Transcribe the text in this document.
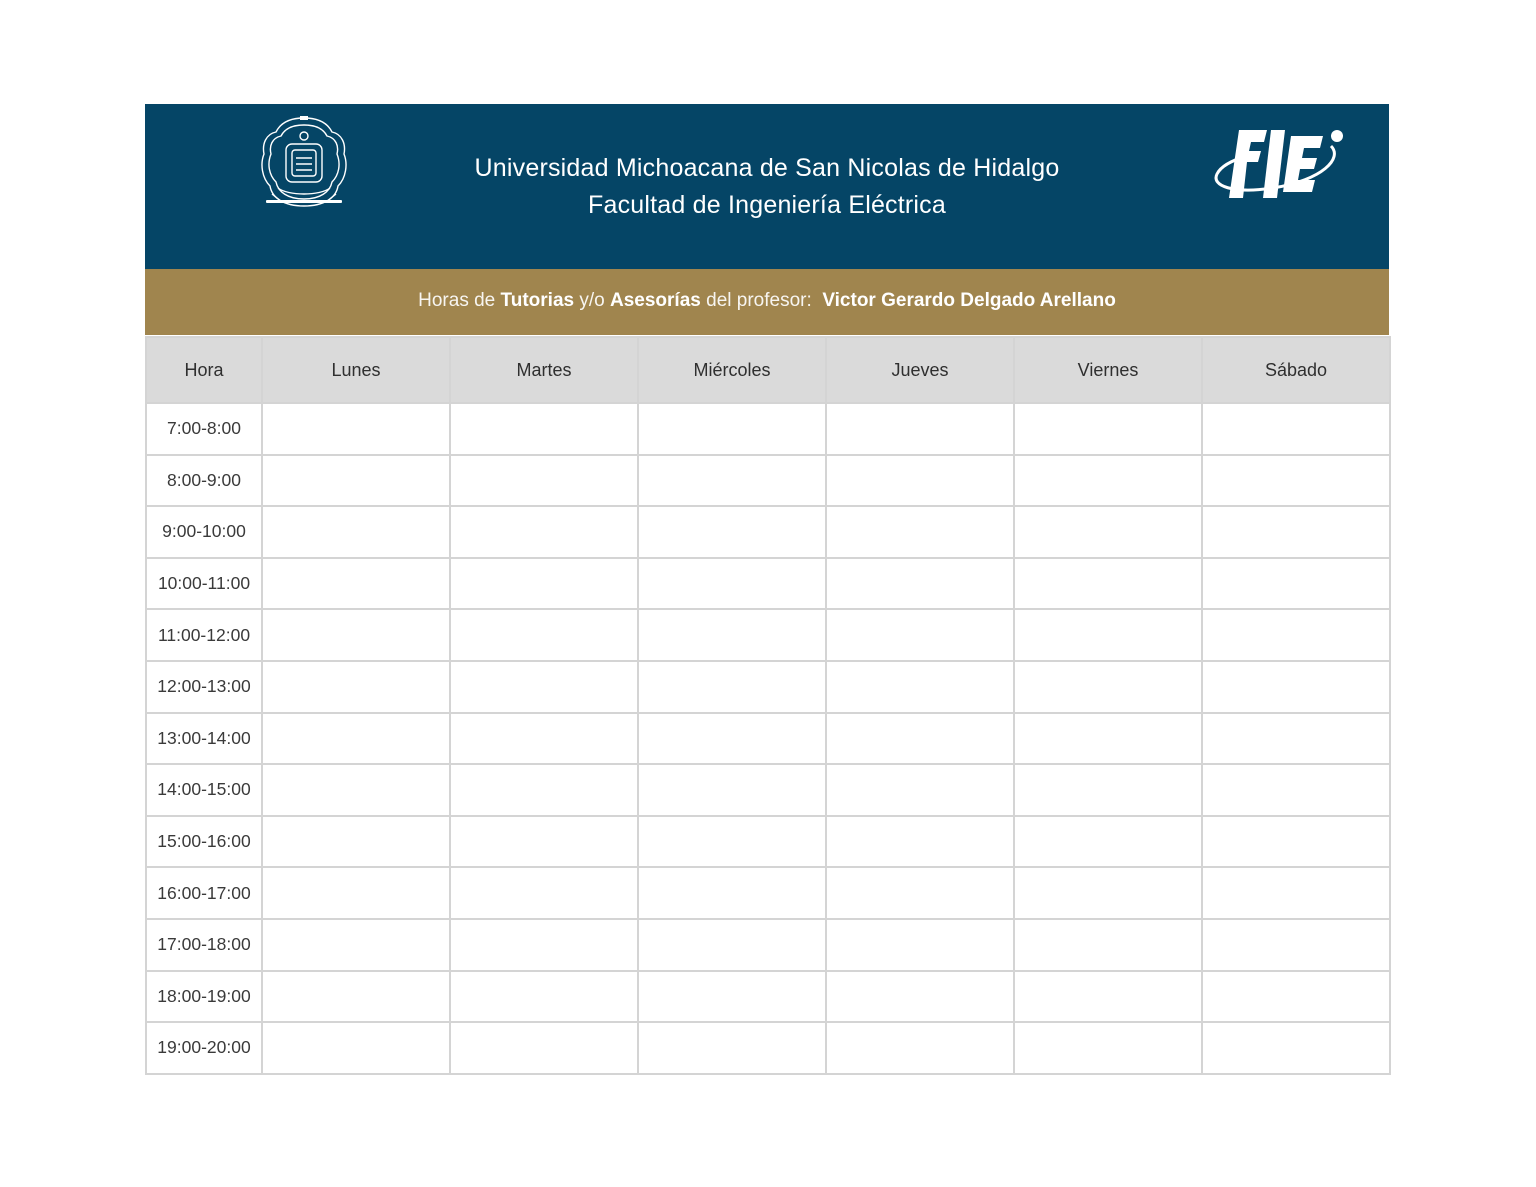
Universidad Michoacana de San Nicolas de Hidalgo
Facultad de Ingeniería Eléctrica
Horas de Tutorias y/o Asesorías del profesor: Victor Gerardo Delgado Arellano
Hora	Lunes	Martes	Miércoles	Jueves	Viernes	Sábado
7:00-8:00						
8:00-9:00						
9:00-10:00						
10:00-11:00						
11:00-12:00						
12:00-13:00						
13:00-14:00						
14:00-15:00						
15:00-16:00						
16:00-17:00						
17:00-18:00						
18:00-19:00						
19:00-20:00						
